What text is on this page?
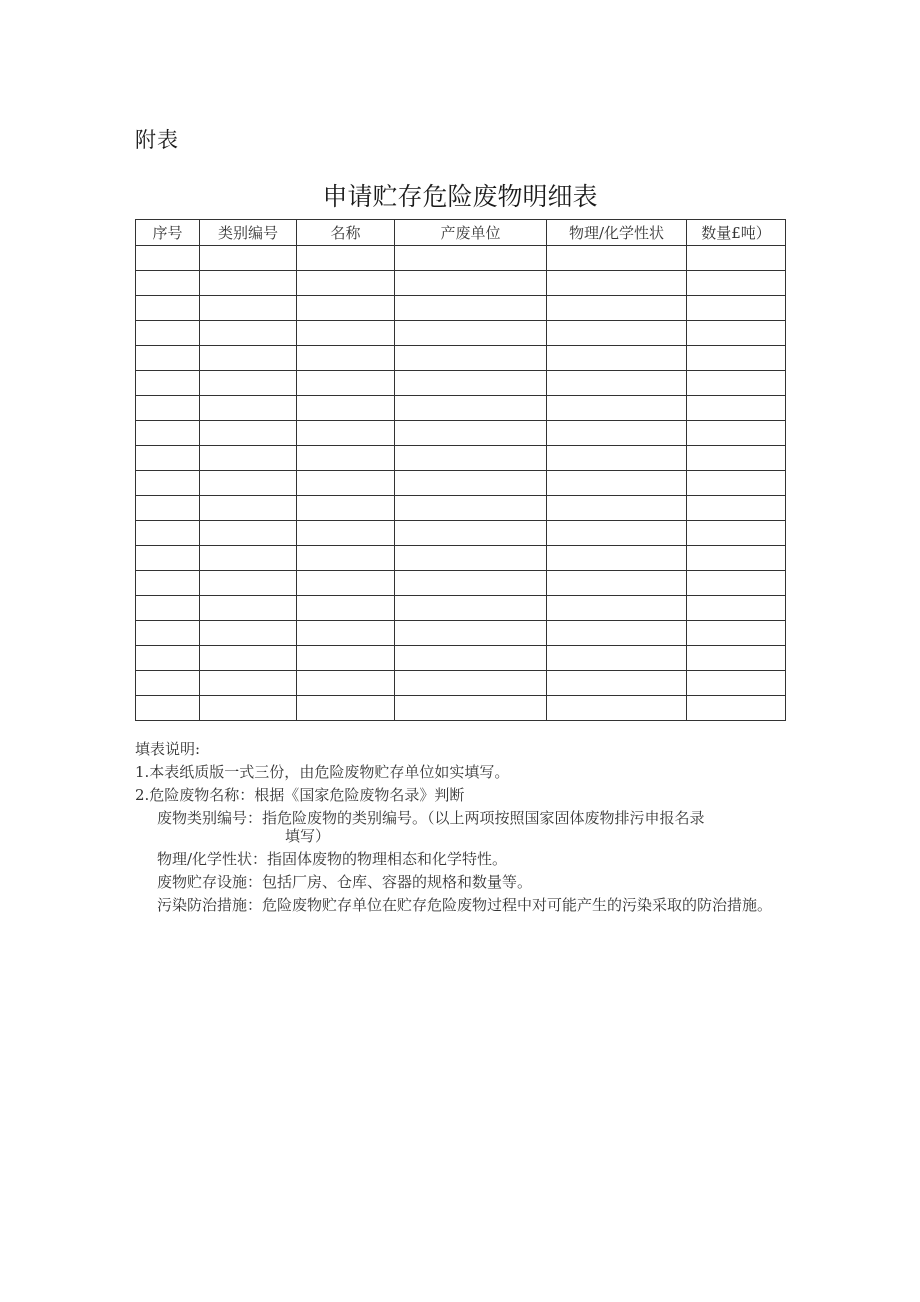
附表
申请贮存危险废物明细表
序号	类别编号	名称	产废单位	物理/化学性状	数量£吨）

填表说明:
1.本表纸质版一式三份，由危险废物贮存单位如实填写。
2.危险废物名称：根据《国家危险废物名录》判断
废物类别编号： 指危险废物的类别编号。（以上两项按照国家固体废物排污申报名录
填写）
物理/化学性状：指固体废物的物理相态和化学特性。
废物贮存设施：包括厂房、仓库、容器的规格和数量等。
污染防治措施： 危险废物贮存单位在贮存危险废物过程中对可能产生的污染采取的防治措施。
